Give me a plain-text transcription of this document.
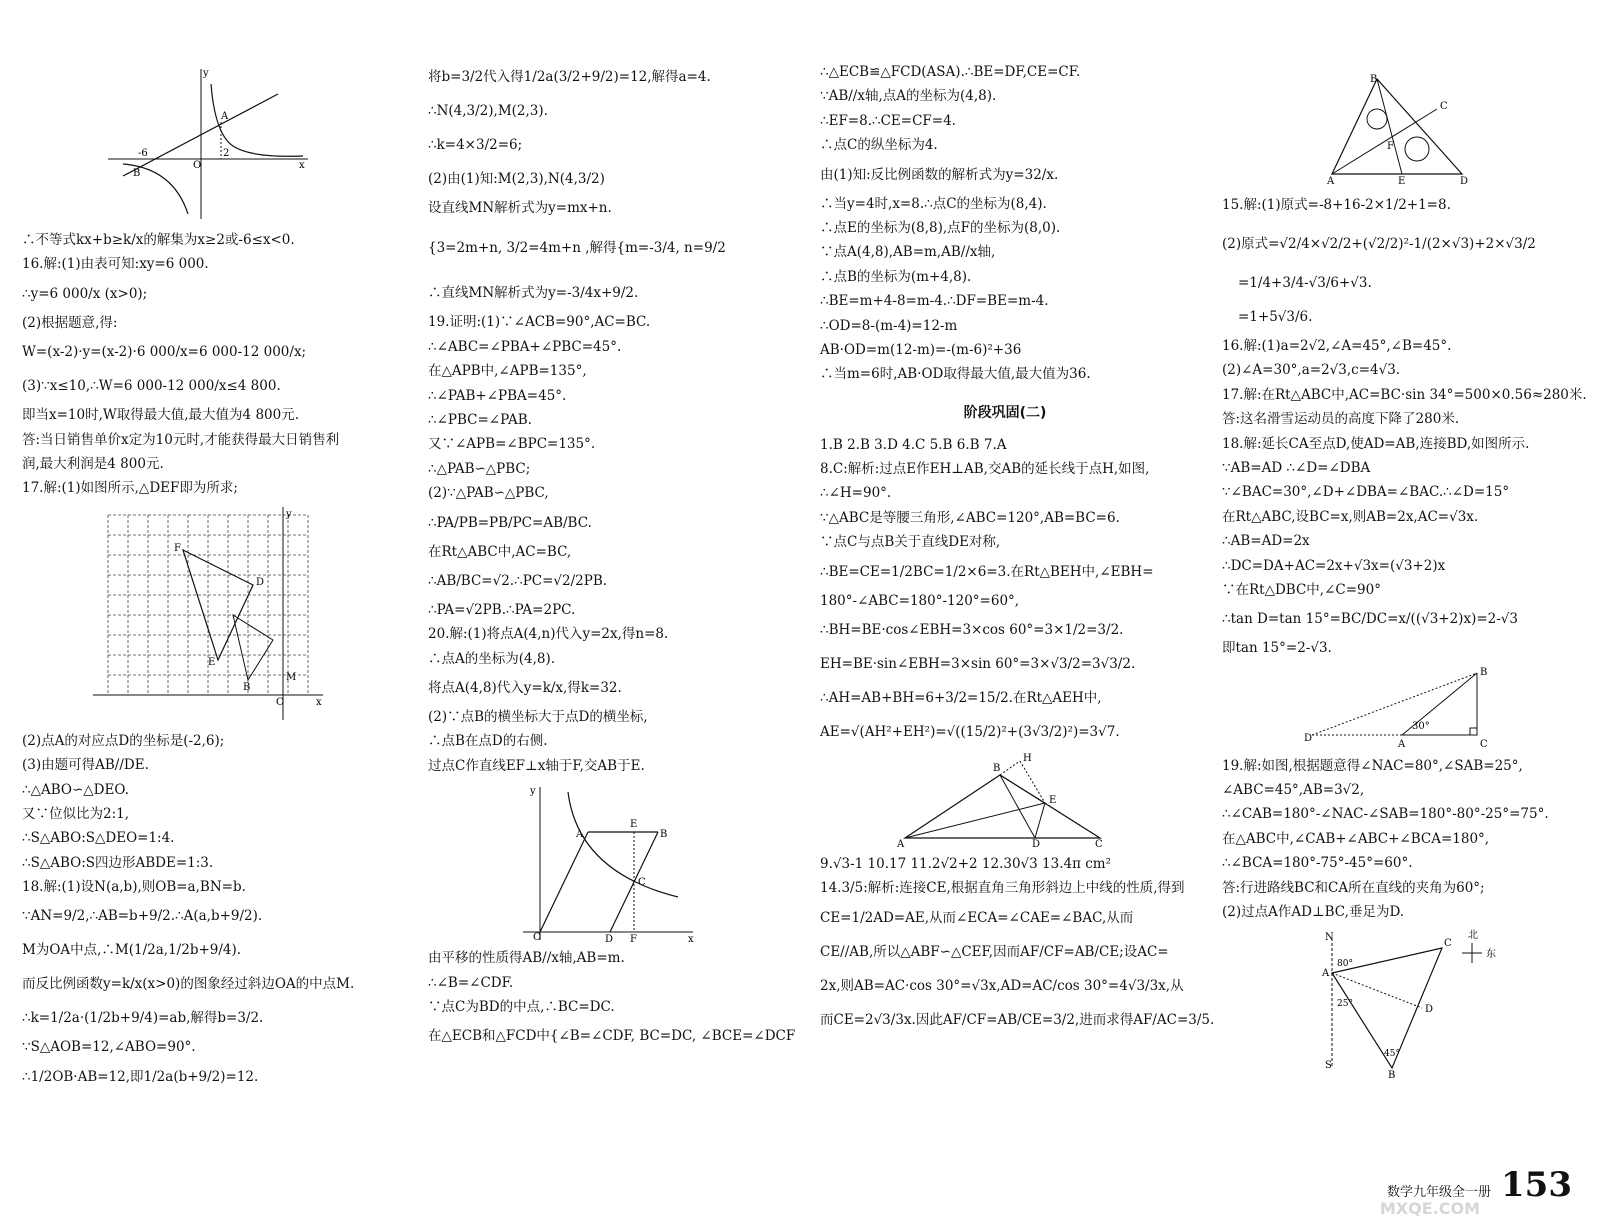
A
2
-6
B
O	x
y
∴不等式kx+b≥k/x的解集为x≥2或-6≤x<0.
16.解:(1)由表可知:xy=6 000.
∴y=6 000/x (x>0);
(2)根据题意,得:
W=(x-2)·y=(x-2)·6 000/x=6 000-12 000/x;
(3)∵x≤10,∴W=6 000-12 000/x≤4 800.
即当x=10时,W取得最大值,最大值为4 800元.
答:当日销售单价x定为10元时,才能获得最大日销售利
润,最大利润是4 800元.
17.解:(1)如图所示,△DEF即为所求;
F
D
E
B
O
M
y
x
(2)点A的对应点D的坐标是(-2,6);
(3)由题可得AB//DE.
∴△ABO∽△DEO.
又∵位似比为2:1,
∴S△ABO:S△DEO=1:4.
∴S△ABO:S四边形ABDE=1:3.
18.解:(1)设N(a,b),则OB=a,BN=b.
∵AN=9/2,∴AB=b+9/2.∴A(a,b+9/2).
M为OA中点,∴M(1/2a,1/2b+9/4).
而反比例函数y=k/x(x>0)的图象经过斜边OA的中点M.
∴k=1/2a·(1/2b+9/4)=ab,解得b=3/2.
∵S△AOB=12,∠ABO=90°.
∴1/2OB·AB=12,即1/2a(b+9/2)=12.
将b=3/2代入得1/2a(3/2+9/2)=12,解得a=4.
∴N(4,3/2),M(2,3).
∴k=4×3/2=6;
(2)由(1)知:M(2,3),N(4,3/2)
设直线MN解析式为y=mx+n.
{3=2m+n, 3/2=4m+n ,解得{m=-3/4, n=9/2
∴直线MN解析式为y=-3/4x+9/2.
19.证明:(1)∵∠ACB=90°,AC=BC.
∴∠ABC=∠PBA+∠PBC=45°.
在△APB中,∠APB=135°,
∴∠PAB+∠PBA=45°.
∴∠PBC=∠PAB.
又∵∠APB=∠BPC=135°.
∴△PAB∽△PBC;
(2)∵△PAB∽△PBC,
∴PA/PB=PB/PC=AB/BC.
在Rt△ABC中,AC=BC,
∴AB/BC=√2.∴PC=√2/2PB.
∴PA=√2PB.∴PA=2PC.
20.解:(1)将点A(4,n)代入y=2x,得n=8.
∴点A的坐标为(4,8).
将点A(4,8)代入y=k/x,得k=32.
(2)∵点B的横坐标大于点D的横坐标,
∴点B在点D的右侧.
过点C作直线EF⊥x轴于F,交AB于E.
A
E
B
C
O	D F
y
x
由平移的性质得AB//x轴,AB=m.
∴∠B=∠CDF.
∵点C为BD的中点,∴BC=DC.
在△ECB和△FCD中{∠B=∠CDF, BC=DC, ∠BCE=∠DCF
∴△ECB≌△FCD(ASA).∴BE=DF,CE=CF.
∵AB//x轴,点A的坐标为(4,8).
∴EF=8.∴CE=CF=4.
∴点C的纵坐标为4.
由(1)知:反比例函数的解析式为y=32/x.
∴当y=4时,x=8.∴点C的坐标为(8,4).
∴点E的坐标为(8,8),点F的坐标为(8,0).
∵点A(4,8),AB=m,AB//x轴,
∴点B的坐标为(m+4,8).
∴BE=m+4-8=m-4.∴DF=BE=m-4.
∴OD=8-(m-4)=12-m
AB·OD=m(12-m)=-(m-6)²+36
∴当m=6时,AB·OD取得最大值,最大值为36.
阶段巩固(二)
1.B 2.B 3.D 4.C 5.B 6.B 7.A
8.C:解析:过点E作EH⊥AB,交AB的延长线于点H,如图,
∴∠H=90°.
∵△ABC是等腰三角形,∠ABC=120°,AB=BC=6.
∵点C与点B关于直线DE对称,
∴BE=CE=1/2BC=1/2×6=3.在Rt△BEH中,∠EBH=
180°-∠ABC=180°-120°=60°,
∴BH=BE·cos∠EBH=3×cos 60°=3×1/2=3/2.
EH=BE·sin∠EBH=3×sin 60°=3×√3/2=3√3/2.
∴AH=AB+BH=6+3/2=15/2.在Rt△AEH中,
AE=√(AH²+EH²)=√((15/2)²+(3√3/2)²)=3√7.
A
B
H
E
D	C
9.√3-1 10.17 11.2√2+2 12.30√3 13.4π cm²
14.3/5:解析:连接CE,根据直角三角形斜边上中线的性质,得到
CE=1/2AD=AE,从而∠ECA=∠CAE=∠BAC,从而
CE//AB,所以△ABF∽△CEF,因而AF/CF=AB/CE;设AC=
2x,则AB=AC·cos 30°=√3x,AD=AC/cos 30°=4√3/3x,从
而CE=2√3/3x.因此AF/CF=AB/CE=3/2,进而求得AF/AC=3/5.
B
C
F
A	E	D
15.解:(1)原式=-8+16-2×1/2+1=8.
(2)原式=√2/4×√2/2+(√2/2)²-1/(2×√3)+2×√3/2
=1/4+3/4-√3/6+√3.
=1+5√3/6.
16.解:(1)a=2√2,∠A=45°,∠B=45°.
(2)∠A=30°,a=2√3,c=4√3.
17.解:在Rt△ABC中,AC=BC·sin 34°=500×0.56≈280米.
答:这名滑雪运动员的高度下降了280米.
18.解:延长CA至点D,使AD=AB,连接BD,如图所示.
∵AB=AD ∴∠D=∠DBA
∵∠BAC=30°,∠D+∠DBA=∠BAC.∴∠D=15°
在Rt△ABC,设BC=x,则AB=2x,AC=√3x.
∴AB=AD=2x
∴DC=DA+AC=2x+√3x=(√3+2)x
∵在Rt△DBC中,∠C=90°
∴tan D=tan 15°=BC/DC=x/((√3+2)x)=2-√3
即tan 15°=2-√3.
30°
D
A	C
B
19.解:如图,根据题意得∠NAC=80°,∠SAB=25°,
∠ABC=45°,AB=3√2,
∴∠CAB=180°-∠NAC-∠SAB=180°-80°-25°=75°.
在△ABC中,∠CAB+∠ABC+∠BCA=180°,
∴∠BCA=180°-75°-45°=60°.
答:行进路线BC和CA所在直线的夹角为60°;
(2)过点A作AD⊥BC,垂足为D.
北
东
N
S
A
C
B
D
80°
25°
45°
数学九年级全一册 153
MXQE.COM
